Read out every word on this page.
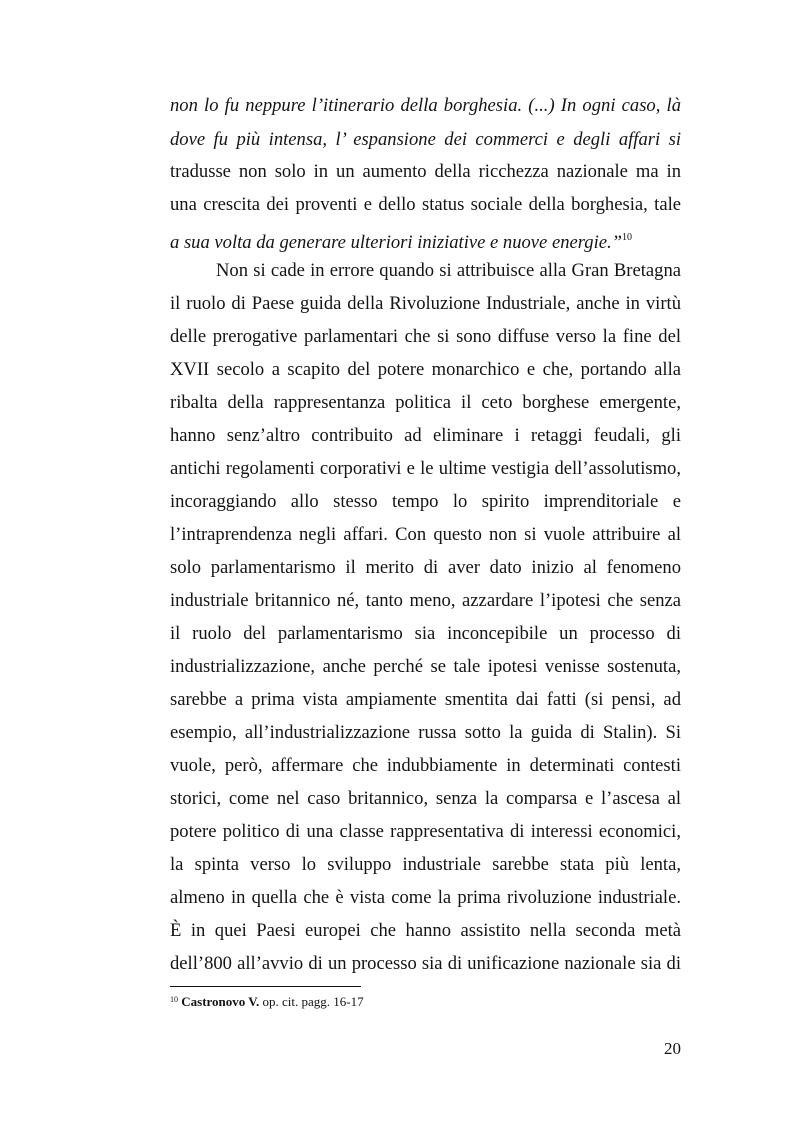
non lo fu neppure l’itinerario della borghesia. (...) In ogni caso, là
dove fu più intensa, l’ espansione dei commerci e degli affari si
tradusse non solo in un aumento della ricchezza nazionale ma in
una crescita dei proventi e dello status sociale della borghesia, tale
a sua volta da generare ulteriori iniziative e nuove energie.”$^{10}$
Non si cade in errore quando si attribuisce alla Gran Bretagna
il ruolo di Paese guida della Rivoluzione Industriale, anche in virtù
delle prerogative parlamentari che si sono diffuse verso la fine del
XVII secolo a scapito del potere monarchico e che, portando alla
ribalta della rappresentanza politica il ceto borghese emergente,
hanno senz’altro contribuito ad eliminare i retaggi feudali, gli
antichi regolamenti corporativi e le ultime vestigia dell’assolutismo,
incoraggiando allo stesso tempo lo spirito imprenditoriale e
l’intraprendenza negli affari. Con questo non si vuole attribuire al
solo parlamentarismo il merito di aver dato inizio al fenomeno
industriale britannico né, tanto meno, azzardare l’ipotesi che senza
il ruolo del parlamentarismo sia inconcepibile un processo di
industrializzazione, anche perché se tale ipotesi venisse sostenuta,
sarebbe a prima vista ampiamente smentita dai fatti (si pensi, ad
esempio, all’industrializzazione russa sotto la guida di Stalin). Si
vuole, però, affermare che indubbiamente in determinati contesti
storici, come nel caso britannico, senza la comparsa e l’ascesa al
potere politico di una classe rappresentativa di interessi economici,
la spinta verso lo sviluppo industriale sarebbe stata più lenta,
almeno in quella che è vista come la prima rivoluzione industriale.
È in quei Paesi europei che hanno assistito nella seconda metà
dell’800 all’avvio di un processo sia di unificazione nazionale sia di
$^{10}$ Castronovo V. op. cit. pagg. 16-17
20
